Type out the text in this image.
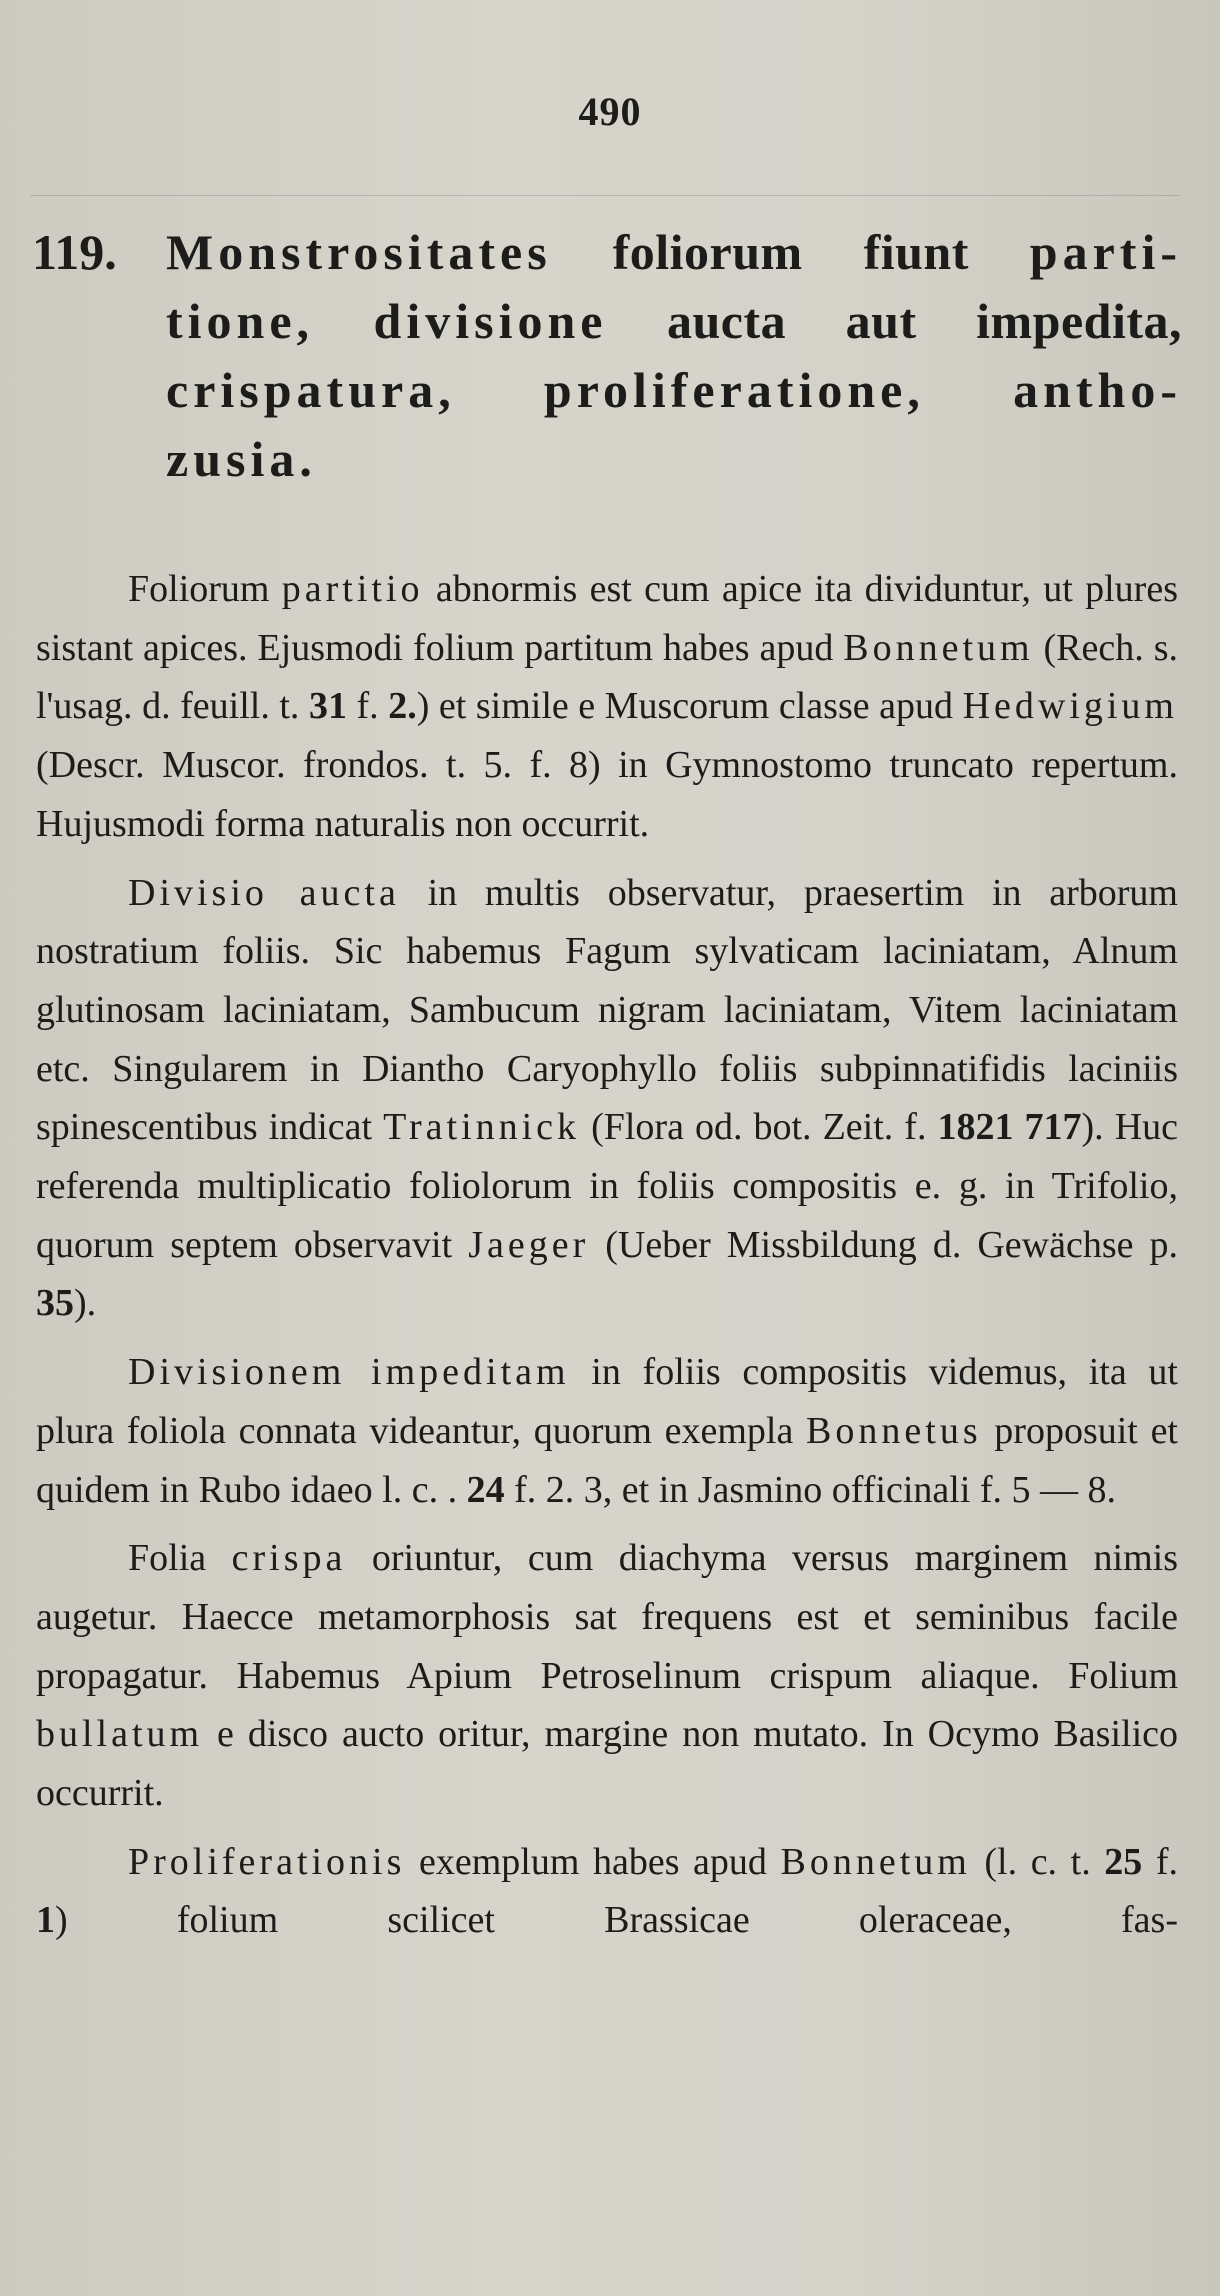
490
119. Monstrositates foliorum fiunt parti- tione, divisione aucta aut impedita, crispatura, proliferatione, antho- zusia.

Foliorum partitio abnormis est cum apice ita dividuntur, ut plures sistant apices. Ejusmodi folium partitum habes apud Bonnetum (Rech. s. l'usag. d. feuill. t. 31 f. 2.) et simile e Muscorum classe apud Hedwigium (Descr. Muscor. frondos. t. 5. f. 8) in Gymnostomo truncato repertum. Hujusmodi forma naturalis non occurrit.

Divisio aucta in multis observatur, praesertim in arborum nostratium foliis. Sic habemus Fagum sylvaticam laciniatam, Alnum glutinosam laciniatam, Sambucum nigram laciniatam, Vitem laciniatam etc. Singularem in Diantho Caryophyllo foliis subpinnatifidis laciniis spinescentibus indicat Tratinnick (Flora od. bot. Zeit. f. 1821 717). Huc referenda multiplicatio foliolorum in foliis compositis e. g. in Trifolio, quorum septem observavit Jaeger (Ueber Missbildung d. Gewächse p. 35).

Divisionem impeditam in foliis compositis videmus, ita ut plura foliola connata videantur, quorum exempla Bonnetus proposuit et quidem in Rubo idaeo l. c. . 24 f. 2. 3, et in Jasmino officinali f. 5 — 8.

Folia crispa oriuntur, cum diachyma versus marginem nimis augetur. Haecce metamorphosis sat frequens est et seminibus facile propagatur. Habemus Apium Petroselinum crispum aliaque. Folium bullatum e disco aucto oritur, margine non mutato. In Ocymo Basilico occurrit.

Proliferationis exemplum habes apud Bonnetum (l. c. t. 25 f. 1) folium scilicet Brassicae oleraceae, fas-
